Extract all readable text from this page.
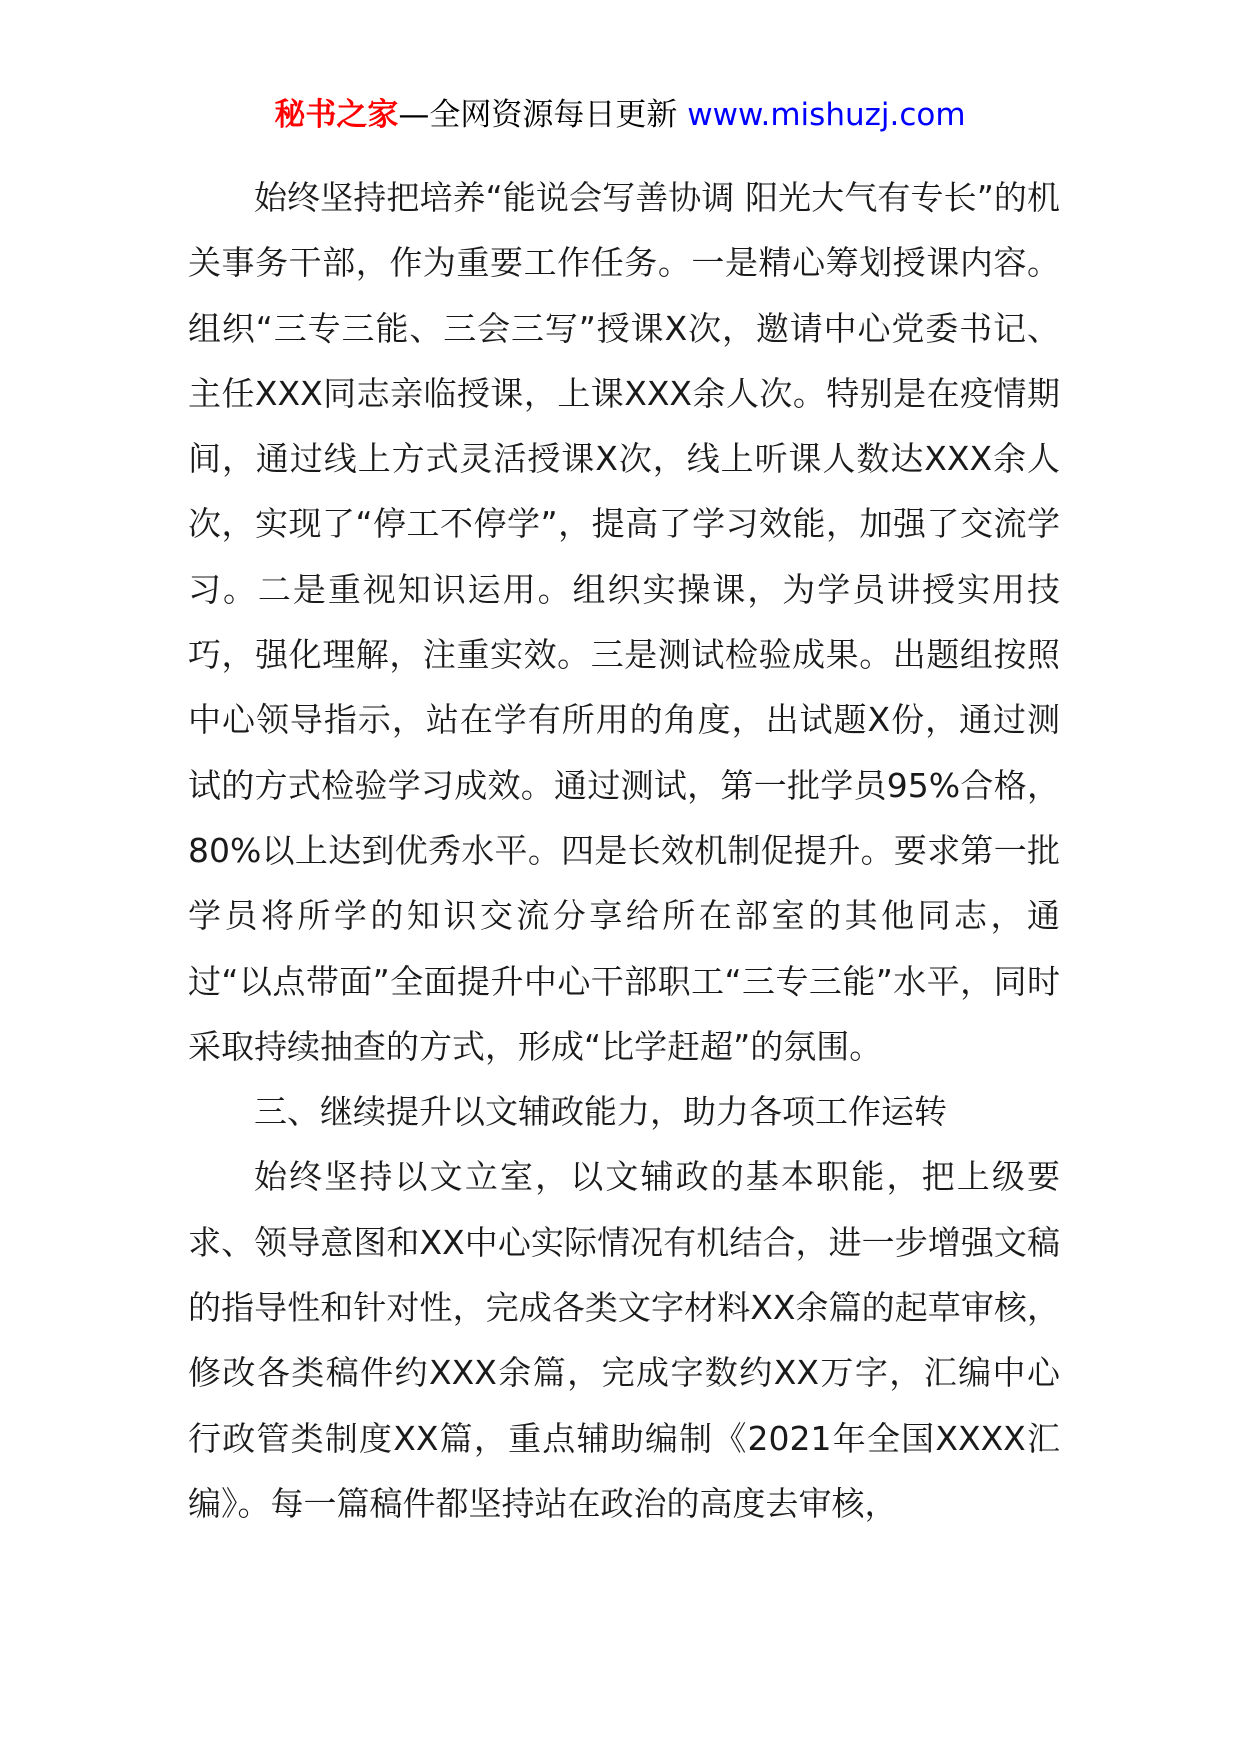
秘书之家—全网资源每日更新 www.mishuzj.com

始终坚持把培养“能说会写善协调 阳光大气有专长”的机关事务干部，作为重要工作任务。一是精心筹划授课内容。组织“三专三能、三会三写”授课X次，邀请中心党委书记、主任XXX同志亲临授课，上课XXX余人次。特别是在疫情期间，通过线上方式灵活授课X次，线上听课人数达XXX余人次，实现了“停工不停学”，提高了学习效能，加强了交流学习。二是重视知识运用。组织实操课，为学员讲授实用技巧，强化理解，注重实效。三是测试检验成果。出题组按照中心领导指示，站在学有所用的角度，出试题X份，通过测试的方式检验学习成效。通过测试，第一批学员95%合格，80%以上达到优秀水平。四是长效机制促提升。要求第一批学员将所学的知识交流分享给所在部室的其他同志，通过“以点带面”全面提升中心干部职工“三专三能”水平，同时采取持续抽查的方式，形成“比学赶超”的氛围。

三、继续提升以文辅政能力，助力各项工作运转

始终坚持以文立室，以文辅政的基本职能，把上级要求、领导意图和XX中心实际情况有机结合，进一步增强文稿的指导性和针对性，完成各类文字材料XX余篇的起草审核，修改各类稿件约XXX余篇，完成字数约XX万字，汇编中心行政管类制度XX篇，重点辅助编制《2021年全国XXXX汇编》。每一篇稿件都坚持站在政治的高度去审核，
